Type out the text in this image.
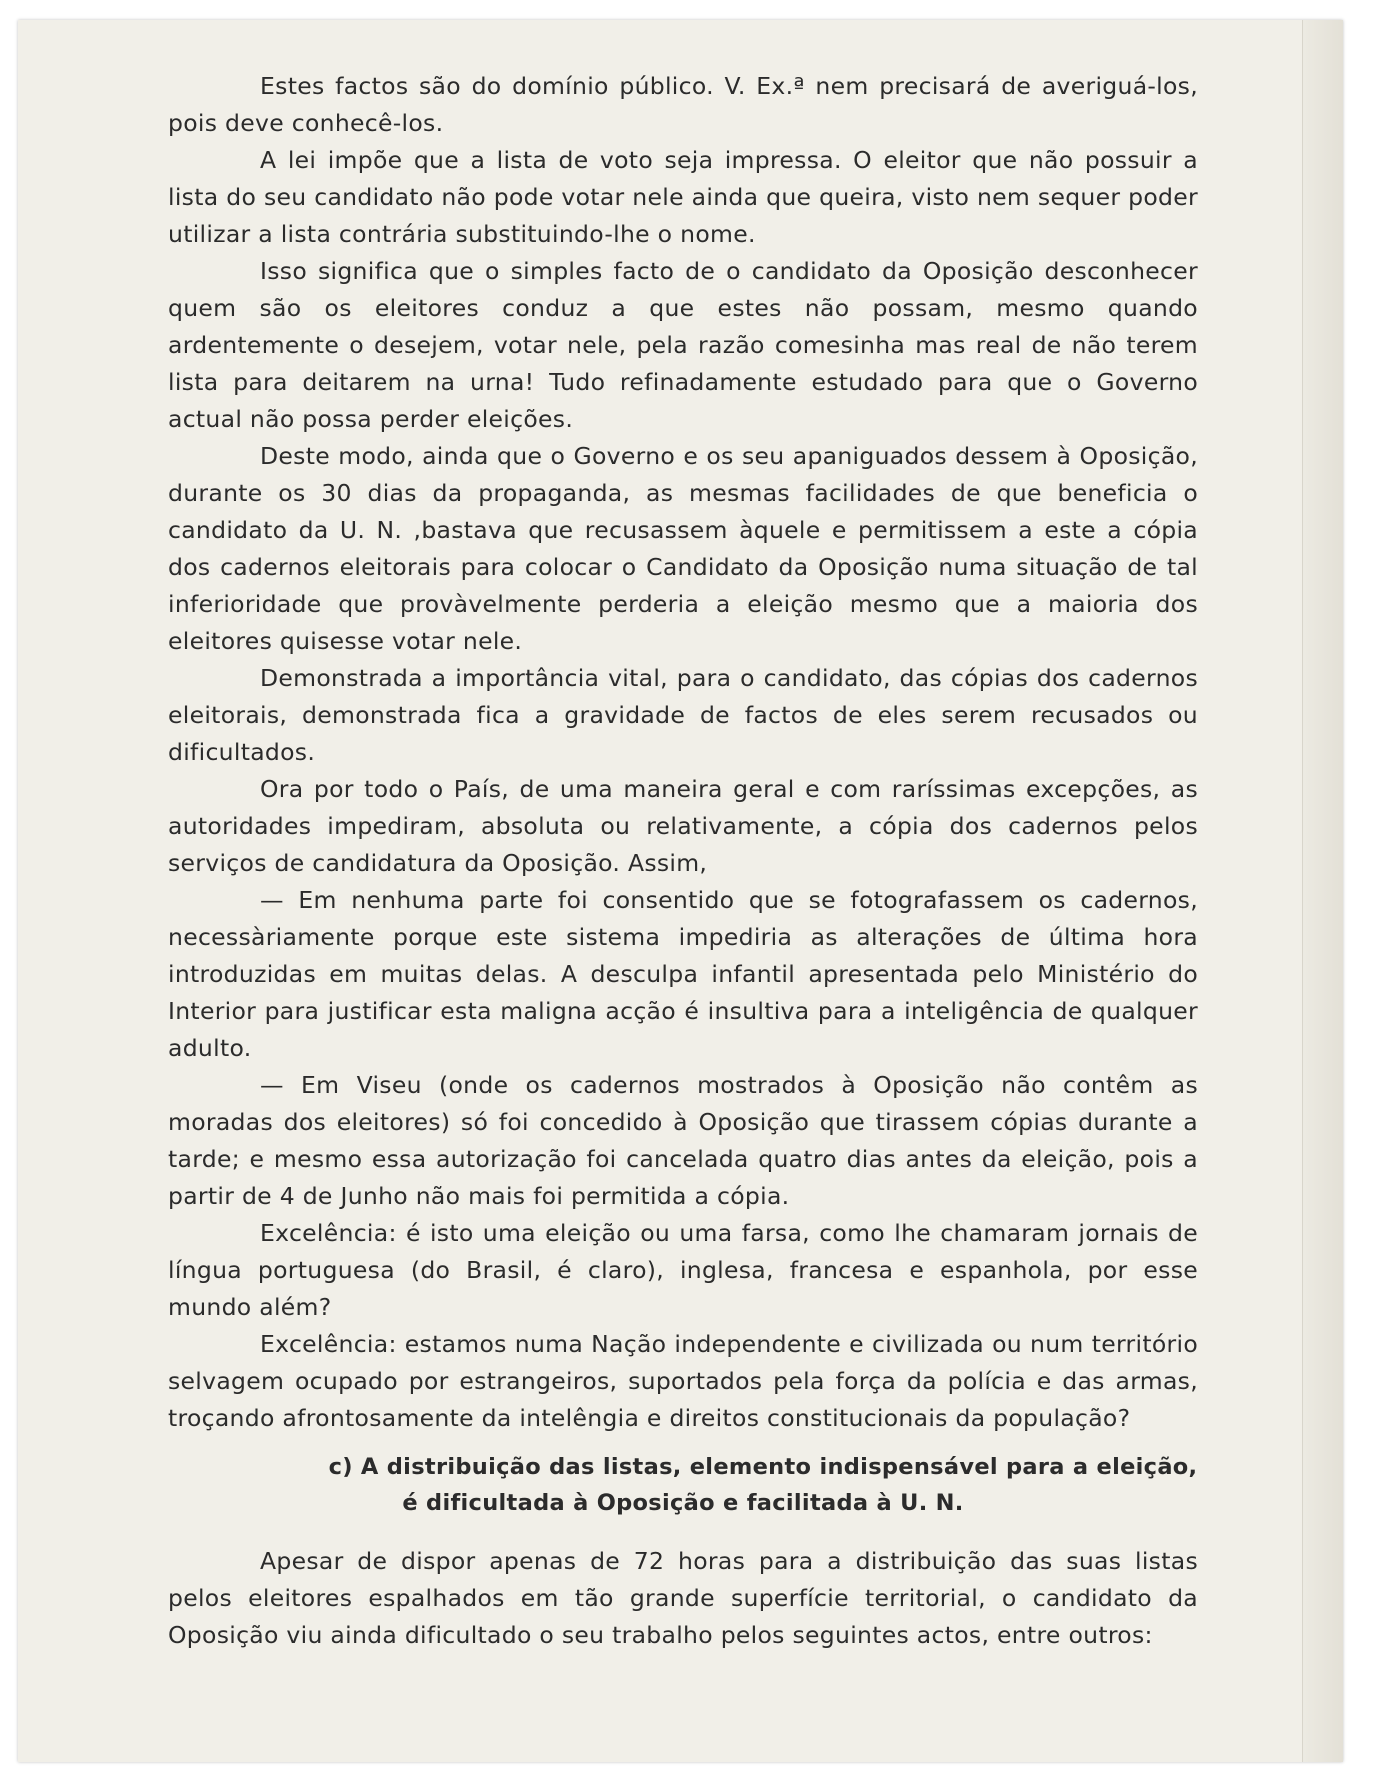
Estes factos são do domínio público. V. Ex.ª nem precisará de averiguá-los, pois deve conhecê-los.

A lei impõe que a lista de voto seja impressa. O eleitor que não possuir a lista do seu candidato não pode votar nele ainda que queira, visto nem sequer poder utilizar a lista contrária substituindo-lhe o nome.

Isso significa que o simples facto de o candidato da Oposição desconhecer quem são os eleitores conduz a que estes não possam, mesmo quando ardentemente o desejem, votar nele, pela razão comesinha mas real de não terem lista para deitarem na urna! Tudo refinadamente estudado para que o Governo actual não possa perder eleições.

Deste modo, ainda que o Governo e os seu apaniguados dessem à Oposição, durante os 30 dias da propaganda, as mesmas facilidades de que beneficia o candidato da U. N. ,bastava que recusassem àquele e permitissem a este a cópia dos cadernos eleitorais para colocar o Candidato da Oposição numa situação de tal inferioridade que provàvelmente perderia a eleição mesmo que a maioria dos eleitores quisesse votar nele.

Demonstrada a importância vital, para o candidato, das cópias dos cadernos eleitorais, demonstrada fica a gravidade de factos de eles serem recusados ou dificultados.

Ora por todo o País, de uma maneira geral e com raríssimas excepções, as autoridades impediram, absoluta ou relativamente, a cópia dos cadernos pelos serviços de candidatura da Oposição. Assim,

— Em nenhuma parte foi consentido que se fotografassem os cadernos, necessàriamente porque este sistema impediria as alterações de última hora introduzidas em muitas delas. A desculpa infantil apresentada pelo Ministério do Interior para justificar esta maligna acção é insultiva para a inteligência de qualquer adulto.

— Em Viseu (onde os cadernos mostrados à Oposição não contêm as moradas dos eleitores) só foi concedido à Oposição que tirassem cópias durante a tarde; e mesmo essa autorização foi cancelada quatro dias antes da eleição, pois a partir de 4 de Junho não mais foi permitida a cópia.

Excelência: é isto uma eleição ou uma farsa, como lhe chamaram jornais de língua portuguesa (do Brasil, é claro), inglesa, francesa e espanhola, por esse mundo além?

Excelência: estamos numa Nação independente e civilizada ou num território selvagem ocupado por estrangeiros, suportados pela força da polícia e das armas, troçando afrontosamente da intelêngia e direitos constitucionais da população?

c) A distribuição das listas, elemento indispensável para a eleição,
é dificultada à Oposição e facilitada à U. N.

Apesar de dispor apenas de 72 horas para a distribuição das suas listas pelos eleitores espalhados em tão grande superfície territorial, o candidato da Oposição viu ainda dificultado o seu trabalho pelos seguintes actos, entre outros:
